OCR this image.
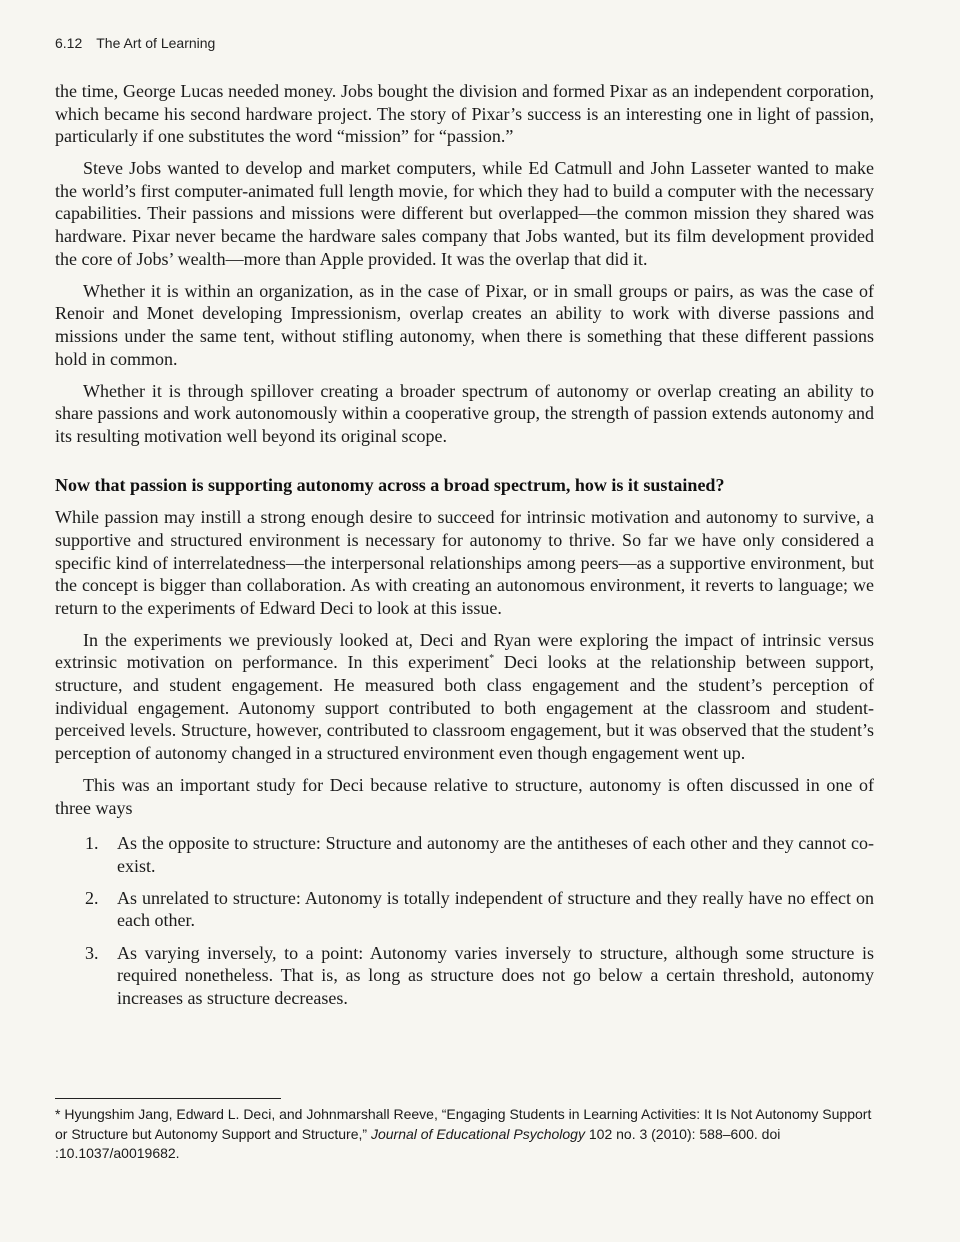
6.12 The Art of Learning

the time, George Lucas needed money. Jobs bought the division and formed Pixar as an independent corporation, which became his second hardware project. The story of Pixar’s success is an interesting one in light of passion, particularly if one substitutes the word “mission” for “passion.”

Steve Jobs wanted to develop and market computers, while Ed Catmull and John Lasseter wanted to make the world’s first computer-animated full length movie, for which they had to build a computer with the necessary capabilities. Their passions and missions were different but overlapped—the common mission they shared was hardware. Pixar never became the hardware sales company that Jobs wanted, but its film development provided the core of Jobs’ wealth—more than Apple provided. It was the overlap that did it.

Whether it is within an organization, as in the case of Pixar, or in small groups or pairs, as was the case of Renoir and Monet developing Impressionism, overlap creates an ability to work with diverse passions and missions under the same tent, without stifling autonomy, when there is something that these different passions hold in common.

Whether it is through spillover creating a broader spectrum of autonomy or overlap creating an ability to share passions and work autonomously within a cooperative group, the strength of passion extends autonomy and its resulting motivation well beyond its original scope.

Now that passion is supporting autonomy across a broad spectrum, how is it sustained?

While passion may instill a strong enough desire to succeed for intrinsic motivation and autonomy to survive, a supportive and structured environment is necessary for autonomy to thrive. So far we have only considered a specific kind of interrelatedness—the interpersonal relationships among peers—as a supportive environment, but the concept is bigger than collaboration. As with creating an autonomous environment, it reverts to language; we return to the experiments of Edward Deci to look at this issue.

In the experiments we previously looked at, Deci and Ryan were exploring the impact of intrinsic versus extrinsic motivation on performance. In this experiment* Deci looks at the relationship between support, structure, and student engagement. He measured both class engagement and the student’s perception of individual engagement. Autonomy support contributed to both engagement at the classroom and student-perceived levels. Structure, however, contributed to classroom engagement, but it was observed that the student’s perception of autonomy changed in a structured environment even though engagement went up.

This was an important study for Deci because relative to structure, autonomy is often discussed in one of three ways

1. As the opposite to structure: Structure and autonomy are the antitheses of each other and they cannot co-exist.
2. As unrelated to structure: Autonomy is totally independent of structure and they really have no effect on each other.
3. As varying inversely, to a point: Autonomy varies inversely to structure, although some structure is required nonetheless. That is, as long as structure does not go below a certain threshold, autonomy increases as structure decreases.
* Hyungshim Jang, Edward L. Deci, and Johnmarshall Reeve, “Engaging Students in Learning Activities: It Is Not Autonomy Support or Structure but Autonomy Support and Structure,” Journal of Educational Psychology 102 no. 3 (2010): 588–600. doi :10.1037/a0019682.
